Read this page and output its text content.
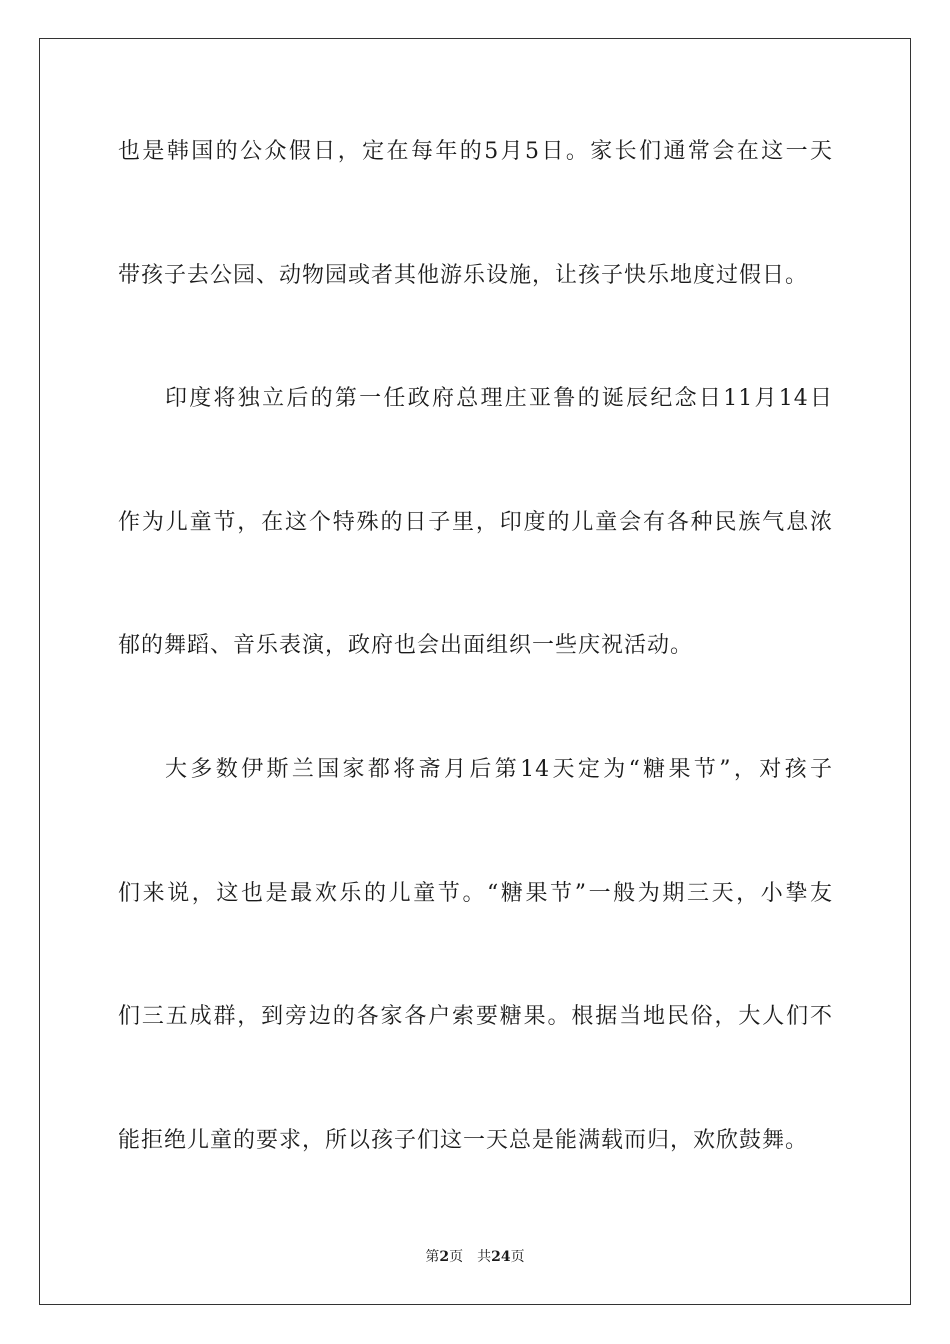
也是韩国的公众假日，定在每年的5月5日。家长们通常会在这一天
带孩子去公园、动物园或者其他游乐设施，让孩子快乐地度过假日。
印度将独立后的第一任政府总理庄亚鲁的诞辰纪念日11月14日
作为儿童节，在这个特殊的日子里，印度的儿童会有各种民族气息浓
郁的舞蹈、音乐表演，政府也会出面组织一些庆祝活动。
大多数伊斯兰国家都将斋月后第14天定为“糖果节”，对孩子
们来说，这也是最欢乐的儿童节。“糖果节”一般为期三天，小挚友
们三五成群，到旁边的各家各户索要糖果。根据当地民俗，大人们不
能拒绝儿童的要求，所以孩子们这一天总是能满载而归，欢欣鼓舞。
第2页 共24页
